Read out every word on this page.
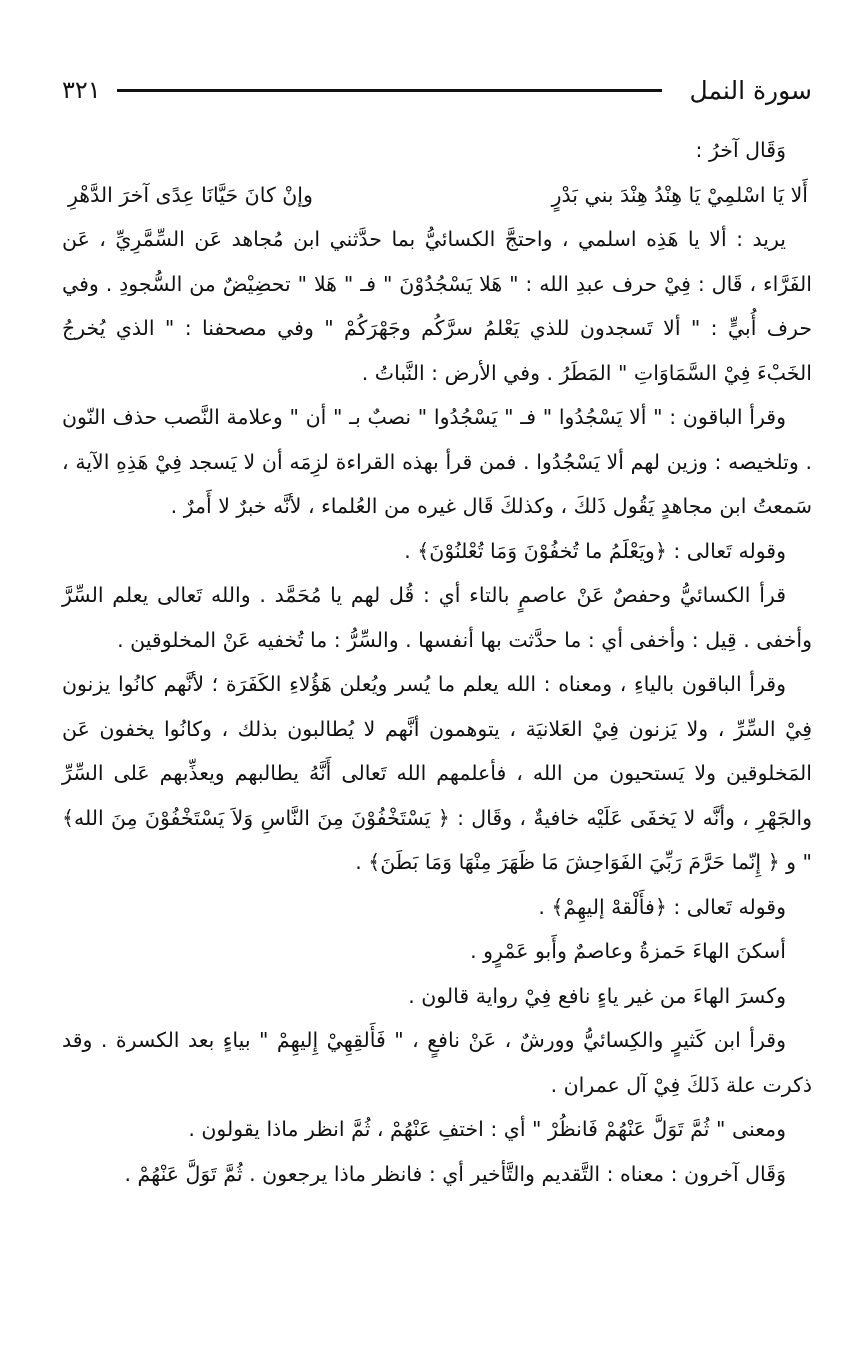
سورة النمل
٣٢١

وَقَال آخرُ :

أَلا يَا اسْلمِيْ يَا هِنْدُ هِنْدَ بني بَدْرٍ
وإنْ كانَ حَيَّانَا عِدًى آخرَ الدَّهْرِ

يريد : ألا يا هَذِه اسلمي ، واحتجَّ الكسائيُّ بما حدَّثني ابن مُجاهد عَن السِّمَّرِيِّ ، عَن الفَرَّاء ، قَال : فِيْ حرف عبدِ الله : " هَلا يَسْجُدُوْنَ " فـ " هَلا " تحضِيْضٌ من السُّجودِ . وفي حرف أُبيٍّ : " ألا تَسجدون للذي يَعْلمُ سرَّكُم وجَهْرَكُمْ " وفي مصحفنا : " الذي يُخرجُ الخَبْءَ فِيْ السَّمَاوَاتِ " المَطَرُ . وفي الأرض : النَّباتُ .

وقرأ الباقون : " ألا يَسْجُدُوا " فـ " يَسْجُدُوا " نصبٌ بـ " أن " وعلامة النَّصب حذف النّون . وتلخيصه : وزين لهم ألا يَسْجُدُوا . فمن قرأ بهذه القراءة لزِمَه أن لا يَسجد فِيْ هَذِهِ الآية ، سَمعتُ ابن مجاهدٍ يَقُول ذَلكَ ، وكذلكَ قَال غيره من العُلماء ، لأنَّه خبرٌ لا أَمرٌ .

وقوله تَعالى : ﴿ويَعْلَمُ ما تُخفُوْنَ وَمَا تُعْلنُوْنَ﴾ .

قرأ الكسائيُّ وحفصٌ عَنْ عاصمٍ بالتاء أي : قُل لهم يا مُحَمَّد . والله تَعالى يعلم السِّرَّ وأخفى . قِيل : وأخفى أي : ما حدَّثت بها أنفسها . والسِّرُّ : ما تُخفيه عَنْ المخلوقين .

وقرأ الباقون بالياءِ ، ومعناه : الله يعلم ما يُسر ويُعلن هَؤُلاءِ الكَفَرَة ؛ لأنَّهم كانُوا يزنون فِيْ السِّرِّ ، ولا يَزنون فِيْ العَلانيَة ، يتوهمون أنَّهم لا يُطالبون بذلك ، وكانُوا يخفون عَن المَخلوقين ولا يَستحيون من الله ، فأعلمهم الله تَعالى أَنَّهُ يطالبهم ويعذِّبهم عَلى السِّرِّ والجَهْرِ ، وأنَّه لا يَخفَى عَلَيْه خافيةٌ ، وقَال : ﴿ يَسْتَخْفُوْنَ مِنَ النَّاسِ وَلاَ يَسْتَخْفُوْنَ مِنَ الله﴾ " و ﴿ إِنّما حَرَّمَ رَبِّيَ الفَوَاحِشَ مَا ظَهَرَ مِنْهَا وَمَا بَطَنَ﴾ .

وقوله تَعالى : ﴿فأَلْقهْ إليهِمْ﴾ .

أسكنَ الهاءَ حَمزةُ وعاصمٌ وأَبو عَمْرٍو .

وكسرَ الهاءَ من غير ياءٍ نافع فِيْ رواية قالون .

وقرأ ابن كَثيرٍ والكِسائيُّ وورشٌ ، عَنْ نافعٍ ، " فَأَلقِهِيْ إِليهِمْ " بياءٍ بعد الكسرة . وقد ذكرت علة ذَلكَ فِيْ آل عمران .

ومعنى " ثُمَّ تَوَلَّ عَنْهُمْ فَانظُرْ " أي : اختفِ عَنْهُمْ ، ثُمَّ انظر ماذا يقولون .

وَقَال آخرون : معناه : التَّقديم والتَّأخير أي : فانظر ماذا يرجعون . ثُمَّ تَوَلَّ عَنْهُمْ .
